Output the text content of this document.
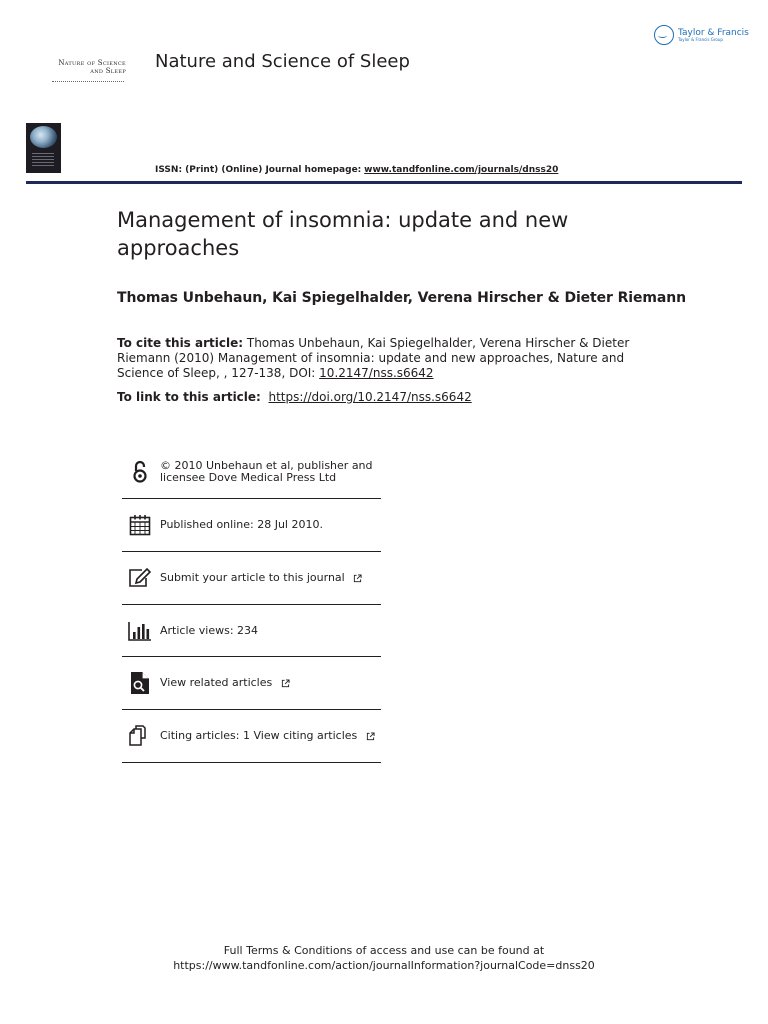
Taylor & Francis
Taylor & Francis Group
Nature of Science
and Sleep Nature and Science of Sleep
ISSN: (Print) (Online) Journal homepage: www.tandfonline.com/journals/dnss20
Management of insomnia: update and new approaches
Thomas Unbehaun, Kai Spiegelhalder, Verena Hirscher & Dieter Riemann
To cite this article: Thomas Unbehaun, Kai Spiegelhalder, Verena Hirscher & Dieter Riemann (2010) Management of insomnia: update and new approaches, Nature and Science of Sleep, , 127-138, DOI: 10.2147/nss.s6642
To link to this article: https://doi.org/10.2147/nss.s6642
© 2010 Unbehaun et al, publisher and
licensee Dove Medical Press Ltd
Published online: 28 Jul 2010.
Submit your article to this journal
Article views: 234
View related articles
Citing articles: 1 View citing articles
Full Terms & Conditions of access and use can be found at
https://www.tandfonline.com/action/journalInformation?journalCode=dnss20
